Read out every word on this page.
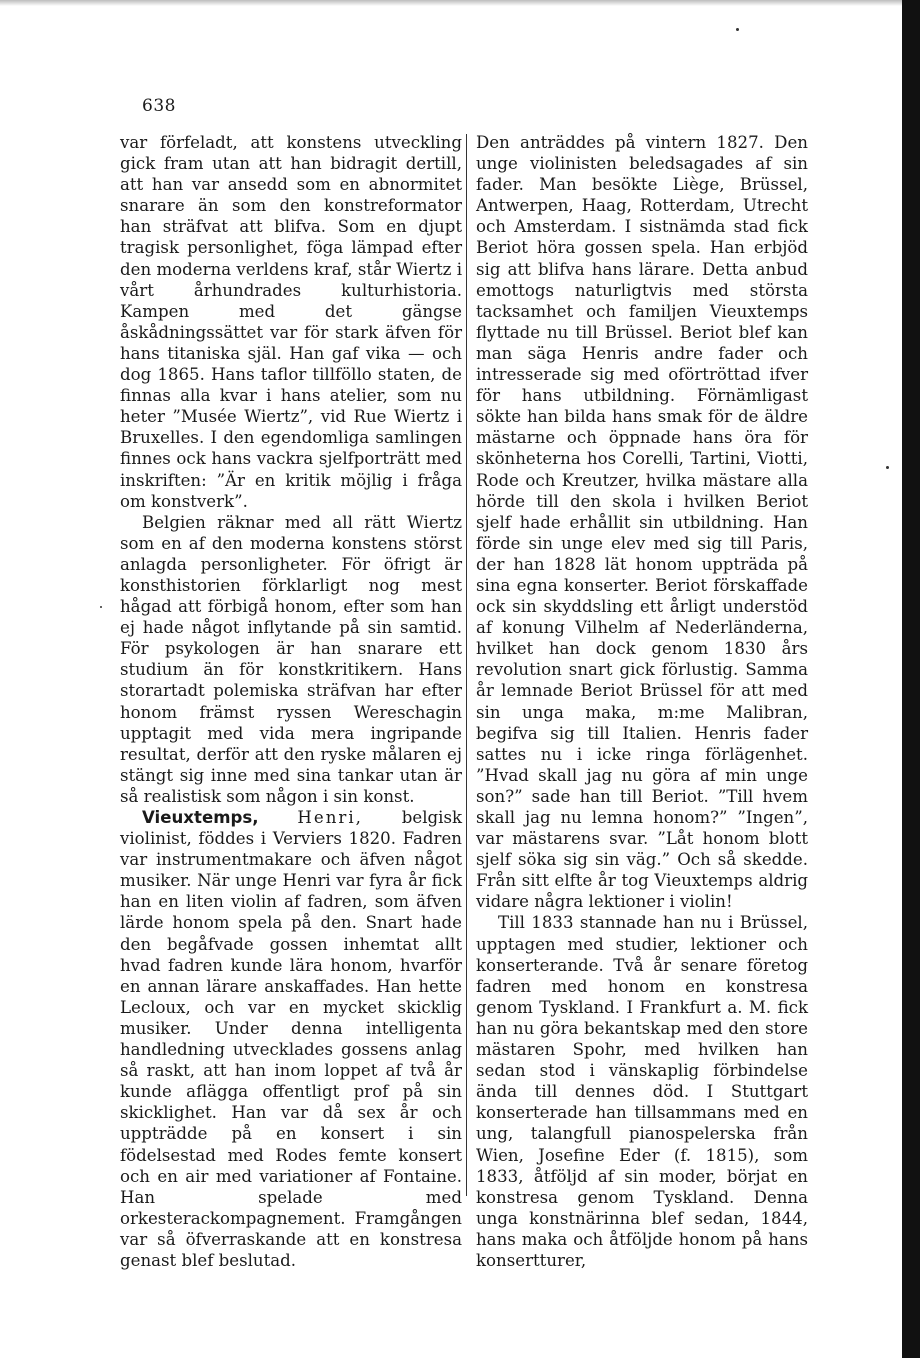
638

var förfeladt, att konstens utveckling gick fram utan att han bidragit dertill, att han var ansedd som en abnormitet snarare än som den konstreformator han sträfvat att blifva. Som en djupt tragisk personlighet, föga lämpad efter den moderna verldens kraf, står Wiertz i vårt århundrades kulturhistoria. Kampen med det gängse åskådningssättet var för stark äfven för hans titaniska själ. Han gaf vika — och dog 1865. Hans taflor tillföllo staten, de finnas alla kvar i hans atelier, som nu heter ”Musée Wiertz”, vid Rue Wiertz i Bruxelles. I den egendomliga samlingen finnes ock hans vackra sjelfporträtt med inskriften: ”Är en kritik möjlig i fråga om konstverk”.

Belgien räknar med all rätt Wiertz som en af den moderna konstens störst anlagda personligheter. För öfrigt är konsthistorien förklarligt nog mest hågad att förbigå honom, efter som han ej hade något inflytande på sin samtid. För psykologen är han snarare ett studium än för konstkritikern. Hans storartadt polemiska sträfvan har efter honom främst ryssen Wereschagin upptagit med vida mera ingripande resultat, derför att den ryske målaren ej stängt sig inne med sina tankar utan är så realistisk som någon i sin konst.

Vieuxtemps, Henri, belgisk violinist, föddes i Verviers 1820. Fadren var instrumentmakare och äfven något musiker. När unge Henri var fyra år fick han en liten violin af fadren, som äfven lärde honom spela på den. Snart hade den begåfvade gossen inhemtat allt hvad fadren kunde lära honom, hvarför en annan lärare anskaffades. Han hette Lecloux, och var en mycket skicklig musiker. Under denna intelligenta handledning utvecklades gossens anlag så raskt, att han inom loppet af två år kunde aflägga offentligt prof på sin skicklighet. Han var då sex år och uppträdde på en konsert i sin födelsestad med Rodes femte konsert och en air med variationer af Fontaine. Han spelade med orkesterackompagnement. Framgången var så öfverraskande att en konstresa genast blef beslutad.

Den anträddes på vintern 1827. Den unge violinisten beledsagades af sin fader. Man besökte Liège, Brüssel, Antwerpen, Haag, Rotterdam, Utrecht och Amsterdam. I sistnämda stad fick Beriot höra gossen spela. Han erbjöd sig att blifva hans lärare. Detta anbud emottogs naturligtvis med största tacksamhet och familjen Vieuxtemps flyttade nu till Brüssel. Beriot blef kan man säga Henris andre fader och intresserade sig med oförtröttad ifver för hans utbildning. Förnämligast sökte han bilda hans smak för de äldre mästarne och öppnade hans öra för skönheterna hos Corelli, Tartini, Viotti, Rode och Kreutzer, hvilka mästare alla hörde till den skola i hvilken Beriot sjelf hade erhållit sin utbildning. Han förde sin unge elev med sig till Paris, der han 1828 lät honom uppträda på sina egna konserter. Beriot förskaffade ock sin skyddsling ett årligt understöd af konung Vilhelm af Nederländerna, hvilket han dock genom 1830 års revolution snart gick förlustig. Samma år lemnade Beriot Brüssel för att med sin unga maka, m:me Malibran, begifva sig till Italien. Henris fader sattes nu i icke ringa förlägenhet. ”Hvad skall jag nu göra af min unge son?” sade han till Beriot. ”Till hvem skall jag nu lemna honom?” ”Ingen”, var mästarens svar. ”Låt honom blott sjelf söka sig sin väg.” Och så skedde. Från sitt elfte år tog Vieuxtemps aldrig vidare några lektioner i violin!

Till 1833 stannade han nu i Brüssel, upptagen med studier, lektioner och konserterande. Två år senare företog fadren med honom en konstresa genom Tyskland. I Frankfurt a. M. fick han nu göra bekantskap med den store mästaren Spohr, med hvilken han sedan stod i vänskaplig förbindelse ända till dennes död. I Stuttgart konserterade han tillsammans med en ung, talangfull pianospelerska från Wien, Josefine Eder (f. 1815), som 1833, åtföljd af sin moder, börjat en konstresa genom Tyskland. Denna unga konstnärinna blef sedan, 1844, hans maka och åtföljde honom på hans konsertturer,
